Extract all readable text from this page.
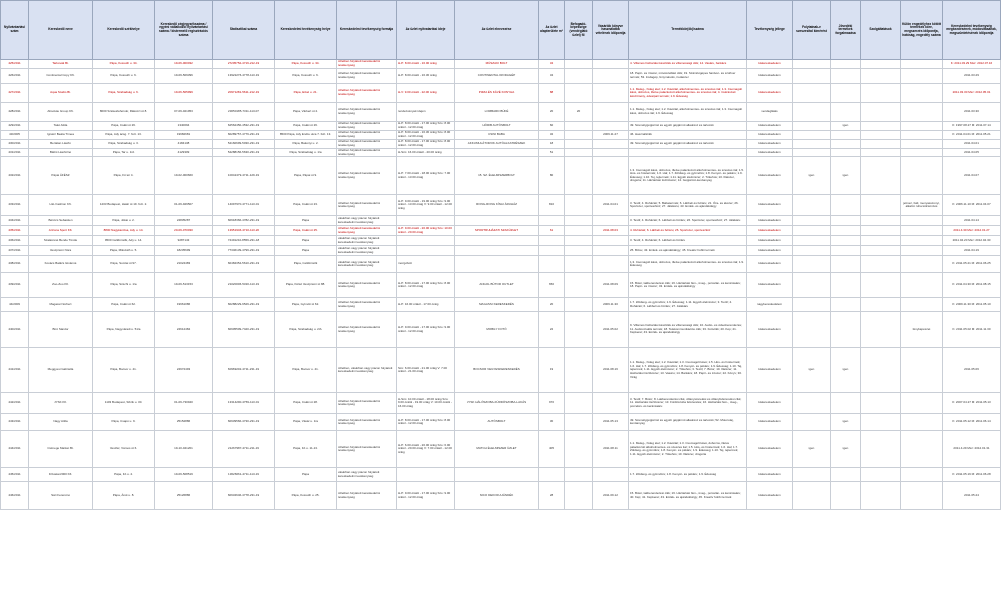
Nyilvántartási szám	Kereskedő neve	Kereskedő székhelye	Kereskedő cégjegyzékszáma / egyéni vállalkozói nyilvántartási száma / kistermelő regisztrációs száma	Statisztikai száma	Kereskedelmi tevékenység helye	Kereskedelmi tevékenység formája	Az üzlet nyitvatartási ideje	Az üzlet elnevezése	Az üzlet alapterülete m²	Befogadó-képessége (vendéglátó üzlet) fő	Vásárlók könyve használatba vételének időpontja	Termékkör(ök)/száma	Tevékenység jellege	Folytatnak-e szeszesital kimérést	Jövedéki termékek forgalmazása	Szolgáltatások	Külön engedélyhez kötött termékek köre, megszerzés időpontja, hatóság, engedély száma	Kereskedelmi tevékenység megkezdésének, módosításának, megszüntetésének időpontja
425/2011	Tarkovák Bt.	Pápa, Kossuth u. 34.	19-06-000032	27205752-4719-212-19	Pápa, Kossuth u. 34.	üzletben folytatott kereskedelmi tevékenység	H-P: 8.00 órától - 16.00 óráig	MŰSZAKI BOLT	34			4. Villamos háztartási készülék és villamossági cikk; 14. Vasáru, barkács	kiskereskedelem					K: 2011.03.29 Msz: 2012.07.16
426/2011	Continental Copy Kft.	Pápa, Kossuth u. 6.	19-09-509396	13922276-4778-113-19	Pápa, Kossuth u. 6.	üzletben folytatott kereskedelmi tevékenység	H-P: 8.00 órától - 16.30 óráig	CONTINENTAL IRODAGÉP	34			18. Papír- és írószer, művészellátó cikk; 19. Számítógépes hardver- és szoftver termék; 53. Irodagép, fénymásoló, irodaszer	kiskereskedelem					2011.03.29
427/2011	Aqua Studio Bt.	Pápa, Szabadság u. 6.	19-06-505999	20971281-5611-212-19	Pápa, Erkel u. 21.	üzletben folytatott kereskedelmi tevékenység	H-V: 9.00 órától - 22.00 óráig	PIZZA ÉS KÁVÉ KONYHA	88			1.1. Meleg-, hideg étel; 1.2. Kávéital, alkoholmentes- és szeszes ital; 1.3. Csomagolt kávé, dobozos, illetve palackozott alkoholmentes- és szeszes ital; 4. Cukrászati készítmény, édesipari termék; 1.9. Édesség	kiskereskedelem					2011.03.30 Msz: 2012.05.01
428/2011	Absolute Group Kft.	8000 Székesfehérvár, Rákóczi út 8.	07-09-021953	23050185-7311-113-07	Pápa, Várkert út 2.	üzletben folytatott kereskedelmi tevékenység	rendezvények idején	LOMBARD BÜFÉ	20	20		1.1. Meleg-, hideg étel; 1.2. Kávéital, alkoholmentes- és szeszes ital; 1.3. Csomagolt kávé, dobozos ital; 1.9. Édesség	vendéglátás					2011.03.30
429/2011	Takó Attila	Pápa, Csáki út 26.	1340094	62562450-4532-231-19	Pápa, Csáki út 26.	üzletben folytatott kereskedelmi tevékenység	H-P: 8.00 órától - 17.00 óráig Szo: 8.00 órától - 12.00 óráig	HÓRIB AUTÓSBOLT	60			49. Személygépjármű és egyéb gépjármű alkatrész és tartozék	kiskereskedelem		igen			K: 1997.08.27 M: 2011.07.14
43/2005	Ignácz Beáta Tímea	Pápa, Ady ácsg. 7. fszt. 13.	19982681	60289757-4779-231-19	8500 Pápa, Ady Endre utca 7. fszt. 13.	üzletben folytatott kereskedelmi tevékenység	H-P: 8.00 órától - 16.30 óráig Szo: 8.00 órától - 12.00 óráig	CSINI BABA	32		2009.11.27	46. Használtcikk	kiskereskedelem					K: 2011.04.01 M: 2011.05.21
430/2011	Bertalan László	Pápa, Szabadság u. 3.	4184138	54160699-5030-231-19	Pápa, Bakonyi u. 2.	üzletben folytatott kereskedelmi tevékenység	H-P: 8.00 órától - 17.00 óráig Szo: 8.00 órától - 12.00 óráig	AKKUMULÁTOROK AUTÓALKATRÉSZEK	18			49. Személygépjármű és egyéb gépjármű alkatrész és tartozék	kiskereskedelem					2011.04.01
431/2011	Bálint László/né	Pápa, Tar u. 1/A	4129309	54288156-5630-231-19	Pápa, Szabadság u. 1/a	üzletben folytatott kereskedelmi tevékenység	H-Szo: 16.00 órától - 20.00 óráig		51				kiskereskedelem					2011.04.05
432/2011	Pápai ÁFÉSZ	Pápa, Fő tér 4.	19-02-000660	10042479-4711-129-19	Pápa, Pápai út 9.	üzletben folytatott kereskedelmi tevékenység	H-P: 7.00 órától - 18.00 óráig Szo: 7.00 órától - 13.00 óráig	15. SZ. ÉLELMISZERBOLT	80			1.3. Csomagolt kávé, dobozos, illetve palackozott alkoholmentes- és szeszes ital; 1.5. Hús- és hústermék; 1.6. Hal; 1.7. Zöldség- és gyümölcs; 1.8. Kenyér- és pékáru; 1.9. Édesség; 1.10. Tej, tejtermék; 1.11. Egyéb élelmiszer; 2. Tőkehús; 10. Illatszer, drogéria; 11. Háztartási tisztítószer; 12. Gépjármű-kenőanyag	kiskereskedelem	igen	igen			2011.04.07
433/2011	L&L Fashion Kft.	1203 Budapest, Határ út 19. fszt. 2.	01-09-929507	14097970-4771-113-01	Pápa, Csáki út 23.	üzletben folytatott kereskedelmi tevékenység	H-P: 9.00 órától - 19.00 óráig Szo: 9.00 órától - 13.00 óráig V: 9.00 órától - 12.00 óráig	RONG-RONG KÍNAI ÁRUHÁZ	810		2011.04.01	3. Textil; 4. Ruházati; 5. Babatermék; 6. Lábbeli és bőráru; 21. Óra- és ékszer; 26. Sportszer, sporteszköz; 27. Játékáru; 43. Emlék- és ajándéktárgy	kiskereskedelem				jelmez, báli, menyasszonyi, alkalmi ruha kölcsönzés	K: 2006.11.10 M: 2011.04.07
434/2011	Bércics Sebastien	Pápa, Jókai u. 2.	24835287	60918366-4782-231-19	Pápa	vásárban vagy piacon folytatott kereskedelmi tevékenység						3. Textil; 4. Ruházati; 6. Lábbeli és bőráru; 26. Sportszer, sporteszköz; 27. Játékáru	kiskereskedelem					2011.04.14
435/2011	Arizona Sport Kft.	8800 Nagykanizsa, Ady u. 14.	20-09-070030	13951946-4710-113-20	Pápa, Csáki út 25.	üzletben folytatott kereskedelmi tevékenység	H-P: 9.00 órától - 20.00 óráig Szo: 10.00 órától - 20.00 óráig	SPORTRUHÁZATI SZAKÜZLET	61		2011.08.03	4. Ruházati; 6. Lábbeli és bőráru; 26. Sportszer, sporteszköz	kiskereskedelem					2011.4.30 Msz: 2012.01.27
436/2011	Szalaicsné Bende Tünde	9500 Celldömölk, Ady u. 14.	9287143	74491210-8559-231-18	Pápa	vásárban vagy piacon folytatott kereskedelmi tevékenység						3. Textil; 4. Ruházati; 6. Lábbeli és bőráru	kiskereskedelem					2011.04.20 Msz: 2012.04.30
437/2011	Veszprémi Nóra	Pápa, Mikszáth u. 5.	18235699	77346139-4799-231-19	Pápa	vásárban vagy piacon folytatott kereskedelmi tevékenység						25. Bizsu; 43. Emlék- és ajándéktárgy; 45. Kreatív hobbi termék	kiskereskedelem					2011.04.19
438/2011	Kovács Balázs Istvánné	Pápa, Somlai út 97.	21024483	60484354-5610-231-19	Pápa, Celldömölk	vásárban vagy piacon folytatott kereskedelmi tevékenység	mozgóbolt					1.3. Csomagolt kávé, dobozos, illetve palackozott alkoholmentes- és szeszes ital; 1.9. Édesség	kiskereskedelem					K: 2011.05.21 M: 2011.06.25
439/2011	Zoo-Zoo Kft.	Pápa, Széchi u. 1/a	19-09-513153	21020006-5320-113-19	Pápa, Külső Veszprémi út 88.	üzletben folytatott kereskedelmi tevékenység	H-P: 8.00 órától - 17.00 óráig Szo: 8.00 órától - 12.00 óráig	ANGOL BÚTOR OUTLET	650		2011.08.09	15. Bútor, lakberendezési cikk; 16. Háztartási fém-, üveg-, porcelán- és kerámiaáru; 18. Papír- és írószer; 43. Emlék- és ajándéktárgy	kiskereskedelem					K: 2011.04.30 M: 2011.08.15
44/2009	Magassi Norbert	Pápa, Csáki út 62.	19961086	60288229-9529-231-19	Pápa, Gyimóti út 62.	üzletben folytatott kereskedelmi tevékenység	H-P: 16.00 órától - 17.00 óráig	MAGASSI KERESKEDÉS	20		2009.11.30	1.7. Zöldség- és gyümölcs; 1.9. Édesség; 1.11. Egyéb élelmiszer; 3. Textil; 4. Ruházati; 6. Lábbeli és bőráru; 27. Játékáru	nagykereskedelem					K: 2009.11.30 M: 2011.05.10
440/2011	Bíró Sándor	Pápa, Nagyváradi u. 51/a	24612484	60905509-7420-231-19	Pápa, Szabadság u. 2/A	üzletben folytatott kereskedelmi tevékenység	H-P: 9.00 órától - 17.00 óráig Szo: 9.00 órától - 12.00 óráig	MOBILY FOTÓ	22		2011.05.02	9. Villamos háztartási készülék és villamossági cikk; 10. Audio- és videoberendezés; 11. Audiovizuális termék; 18. Telekommunikációs cikk; 33. Fotócikk; 40. Kép; 41. Képkeret; 43. Emlék- és ajándéktárgy	kiskereskedelem				fényképészet	K: 2011.05.02 M: 2011.11.30
441/2011	Meggyesi Gabriella	Pápa, Bocsor u. 41.	24972493	60969202-4711-231-19	Pápa, Bocsor u. 41.	üzletben, vásárban vagy piacon folytatott kereskedelmi tevékenység	Szo: 6.00 órától - 21.00 óráig V: 7.00 órától - 21.00 óráig	BOCSOR VEGYESKERESKEDÉS	19		2011.08.16	1.1. Meleg-, hideg étel; 1.2. Kávéital; 1.3. Csomagolt kávé; 1.5. Hús- és hústermék; 1.6. Hal; 1.7. Zöldség- és gyümölcs; 1.8. Kenyér- és pékáru; 1.9. Édesség; 1.10. Tej, tejtermék; 1.11. Egyéb élelmiszer; 2. Tőkehús; 3. Textil; 7. Bútor; 10. Illatszer; 11. Háztartási tisztítószer; 13. Vasáru; 14. Barkács; 18. Papír- és írószer; 22. Könyv; 30. Virág	kiskereskedelem	igen	igen			2011.05.06
442/2011	JYSK Kft.	1103 Budapest, Sibrik u. 30.	01-09-730940	13314290-4759-113-01	Pápa, Csáki út 28.	üzletben folytatott kereskedelmi tevékenység	H-Szo: 10.00 órától - 18.00 óráig Szo: 9.00 órától - 19.00 óráig V: 10.00 órától - 16.00 óráig	JYSK HÁLÓSZOBA-FÜRDŐSZOBA-LAKÁS	970			3. Textil; 7. Bútor; 8. Lakberendezési cikk, villanyszerelési és villanyfelszerelési cikk; 11. Háztartási tisztítószer; 13. Fürdőszoba felszerelés; 16. Háztartási fém-, üveg-, porcelán- és kerámiaáru	kiskereskedelem					K: 2007.04.27 M: 2011.05.13
443/2011	Nagy Attila	Pápa, Csapó u. 9.	25152886	60939566-4730-231-19	Pápa, Vásár u. 1/a	üzletben folytatott kereskedelmi tevékenység	H-P: 8.00 órától - 17.00 óráig Szo: 8.00 órától - 12.00 óráig	AUTÓSBOLT	30		2011.05.13	49. Személygépjármű és egyéb gépjármű alkatrész és tartozék; 52. Motorolaj, kenőanyag	kiskereskedelem		igen			K: 2011.05.12 M: 2011.06.14
444/2011	Csimege Market Bt.	Veszlér, Vámos út 6.	19-10-041201	21267987-4711-211-19	Pápa, Fő u. 11-13.	üzletben folytatott kereskedelmi tevékenység	H-P: 6.00 órától - 20.00 óráig Szo: 6.00 órától - 20.00 óráig V: 7.00 órától - 12.00 óráig	MATCH ÉLELMISZER ÜZLET	405		2011.08.11	1.1. Meleg-, hideg étel; 1.2. Kávéital; 1.3. Csomagolt kávé, dobozos, illetve palackozott alkoholmentes- és szeszes ital; 1.5. Hús- és hústermék; 1.6. Hal; 1.7. Zöldség- és gyümölcs; 1.8. Kenyér- és pékáru; 1.9. Édesség; 1.10. Tej, tejtermék; 1.11. Egyéb élelmiszer; 2. Tőkehús; 10. Illatszer, drogéria	kiskereskedelem	igen	igen			2011.4.29 Msz: 2012.01.31
445/2011	Friluske/2000 Kft.	Pápa, Fő u. 4.	19-09-508519	13626661-4711-113-19	Pápa	vásárban vagy piacon folytatott kereskedelmi tevékenység						1.7. Zöldség- és gyümölcs; 1.8. Kenyér- és pékáru; 1.9. Édesség	kiskereskedelem					K: 2011.05.19 M: 2011.06.28
446/2011	Sári Ferencné	Pápa, Árok u. 8.	25126886	60934646-4778-231-19	Pápa, Kossuth u. 25.	üzletben folytatott kereskedelmi tevékenység	H-P: 9.00 órától - 17.00 óráig Szo: 9.00 órától - 12.00 óráig	NICO DEKOR AJÁNDÉK	28		2011.09.12	15. Bútor, lakberendezési cikk; 16. Háztartási fém-, üveg-, porcelán- és kerámiaáru; 40. Kép; 41. Képkeret; 43. Emlék- és ajándéktárgy; 45. Kreatív hobbi termék	kiskereskedelem					2011.05.24
